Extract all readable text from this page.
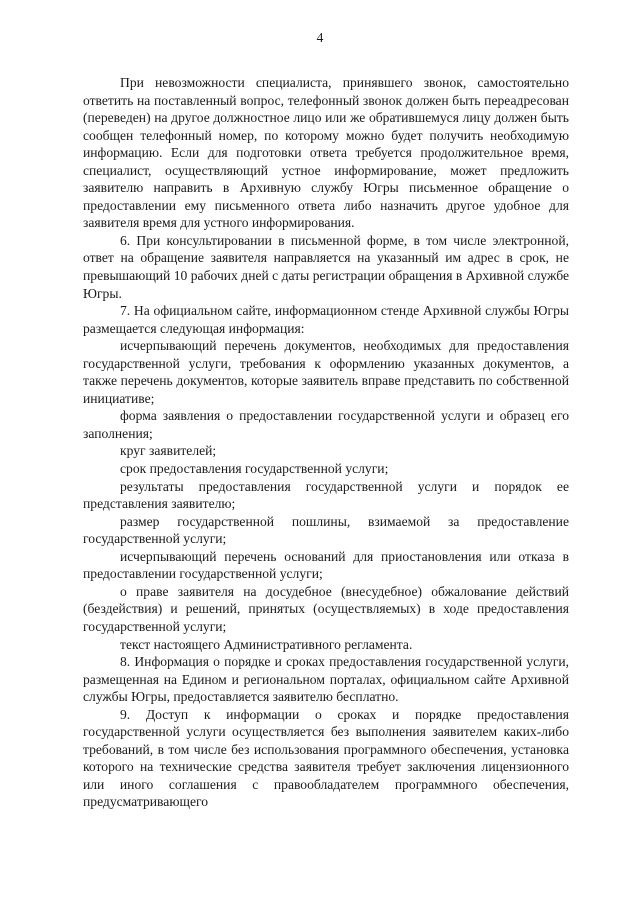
4

При невозможности специалиста, принявшего звонок, самостоятельно ответить на поставленный вопрос, телефонный звонок должен быть переадресован (переведен) на другое должностное лицо или же обратившемуся лицу должен быть сообщен телефонный номер, по которому можно будет получить необходимую информацию. Если для подготовки ответа требуется продолжительное время, специалист, осуществляющий устное информирование, может предложить заявителю направить в Архивную службу Югры письменное обращение о предоставлении ему письменного ответа либо назначить другое удобное для заявителя время для устного информирования.

6. При консультировании в письменной форме, в том числе электронной, ответ на обращение заявителя направляется на указанный им адрес в срок, не превышающий 10 рабочих дней с даты регистрации обращения в Архивной службе Югры.

7. На официальном сайте, информационном стенде Архивной службы Югры размещается следующая информация:

исчерпывающий перечень документов, необходимых для предоставления государственной услуги, требования к оформлению указанных документов, а также перечень документов, которые заявитель вправе представить по собственной инициативе;

форма заявления о предоставлении государственной услуги и образец его заполнения;

круг заявителей;

срок предоставления государственной услуги;

результаты предоставления государственной услуги и порядок ее представления заявителю;

размер государственной пошлины, взимаемой за предоставление государственной услуги;

исчерпывающий перечень оснований для приостановления или отказа в предоставлении государственной услуги;

о праве заявителя на досудебное (внесудебное) обжалование действий (бездействия) и решений, принятых (осуществляемых) в ходе предоставления государственной услуги;

текст настоящего Административного регламента.

8. Информация о порядке и сроках предоставления государственной услуги, размещенная на Едином и региональном порталах, официальном сайте Архивной службы Югры, предоставляется заявителю бесплатно.

9. Доступ к информации о сроках и порядке предоставления государственной услуги осуществляется без выполнения заявителем каких-либо требований, в том числе без использования программного обеспечения, установка которого на технические средства заявителя требует заключения лицензионного или иного соглашения с правообладателем программного обеспечения, предусматривающего
